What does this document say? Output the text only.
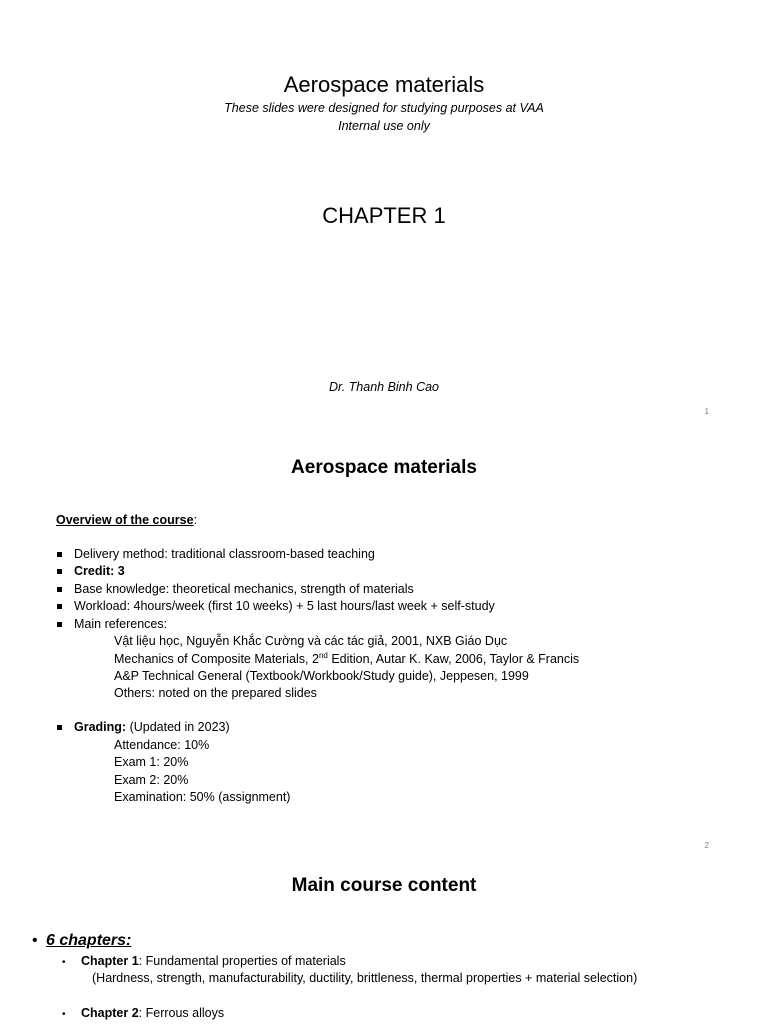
Aerospace materials
These slides were designed for studying purposes at VAA
Internal use only
CHAPTER 1
Dr. Thanh Binh Cao
1
Aerospace materials
Overview of the course:
Delivery method: traditional classroom-based teaching
Credit: 3
Base knowledge: theoretical mechanics, strength of materials
Workload: 4hours/week (first 10 weeks) + 5 last hours/last week + self-study
Main references:
Vật liệu học, Nguyễn Khắc Cường và các tác giả, 2001, NXB Giáo Dục
Mechanics of Composite Materials, 2nd Edition, Autar K. Kaw, 2006, Taylor & Francis
A&P Technical General (Textbook/Workbook/Study guide), Jeppesen, 1999
Others: noted on the prepared slides
Grading: (Updated in 2023)
Attendance: 10%
Exam 1: 20%
Exam 2: 20%
Examination: 50% (assignment)
2
Main course content
• 6 chapters:
• Chapter 1: Fundamental properties of materials
(Hardness, strength, manufacturability, ductility, brittleness, thermal properties + material selection)
• Chapter 2: Ferrous alloys
